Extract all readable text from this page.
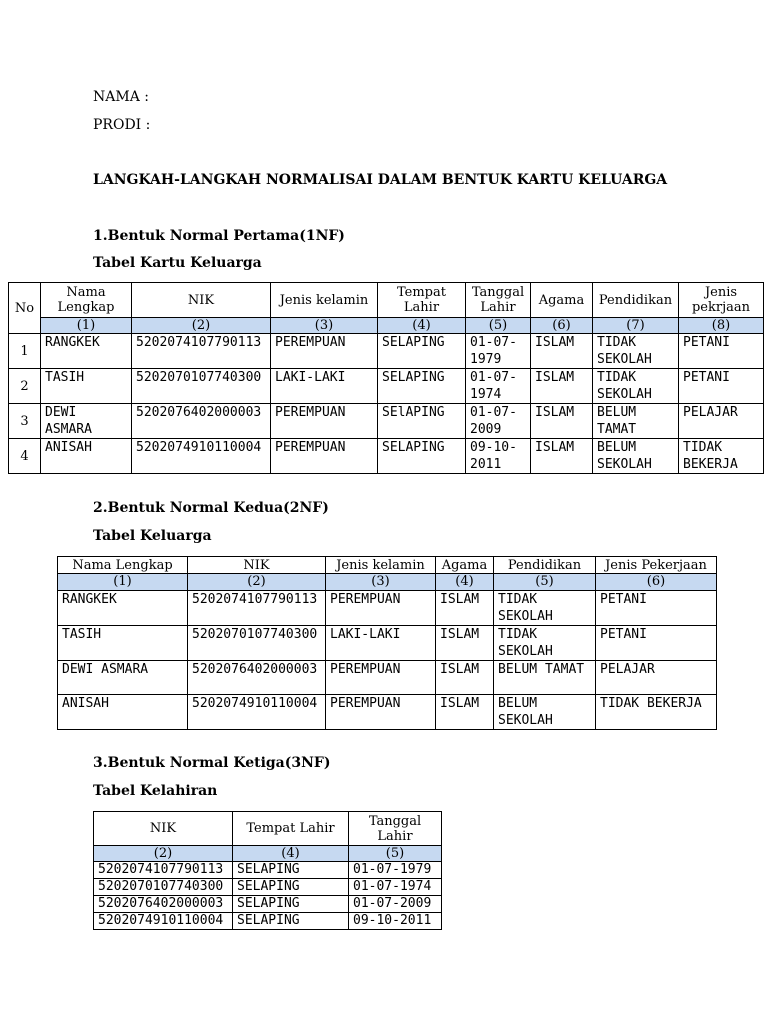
NAMA :
PRODI :
LANGKAH-LANGKAH NORMALISAI DALAM BENTUK KARTU KELUARGA
1.Bentuk Normal Pertama(1NF)
Tabel Kartu Keluarga
No	Nama Lengkap	NIK	Jenis kelamin	Tempat Lahir	Tanggal Lahir	Agama	Pendidikan	Jenis pekrjaan
	(1)	(2)	(3)	(4)	(5)	(6)	(7)	(8)
1	RANGKEK	5202074107790113	PEREMPUAN	SELAPING	01-07-1979	ISLAM	TIDAK SEKOLAH	PETANI
2	TASIH	5202070107740300	LAKI-LAKI	SELAPING	01-07-1974	ISLAM	TIDAK SEKOLAH	PETANI
3	DEWI ASMARA	5202076402000003	PEREMPUAN	SElAPING	01-07-2009	ISLAM	BELUM TAMAT	PELAJAR
4	ANISAH	5202074910110004	PEREMPUAN	SELAPING	09-10-2011	ISLAM	BELUM SEKOLAH	TIDAK BEKERJA
2.Bentuk Normal Kedua(2NF)
Tabel Keluarga
Nama Lengkap	NIK	Jenis kelamin	Agama	Pendidikan	Jenis Pekerjaan
(1)	(2)	(3)	(4)	(5)	(6)
RANGKEK	5202074107790113	PEREMPUAN	ISLAM	TIDAK SEKOLAH	PETANI
TASIH	5202070107740300	LAKI-LAKI	ISLAM	TIDAK SEKOLAH	PETANI
DEWI ASMARA	5202076402000003	PEREMPUAN	ISLAM	BELUM TAMAT	PELAJAR
ANISAH	5202074910110004	PEREMPUAN	ISLAM	BELUM SEKOLAH	TIDAK BEKERJA
3.Bentuk Normal Ketiga(3NF)
Tabel Kelahiran
NIK	Tempat Lahir	Tanggal Lahir
(2)	(4)	(5)
5202074107790113	SELAPING	01-07-1979
5202070107740300	SELAPING	01-07-1974
5202076402000003	SELAPING	01-07-2009
5202074910110004	SELAPING	09-10-2011
